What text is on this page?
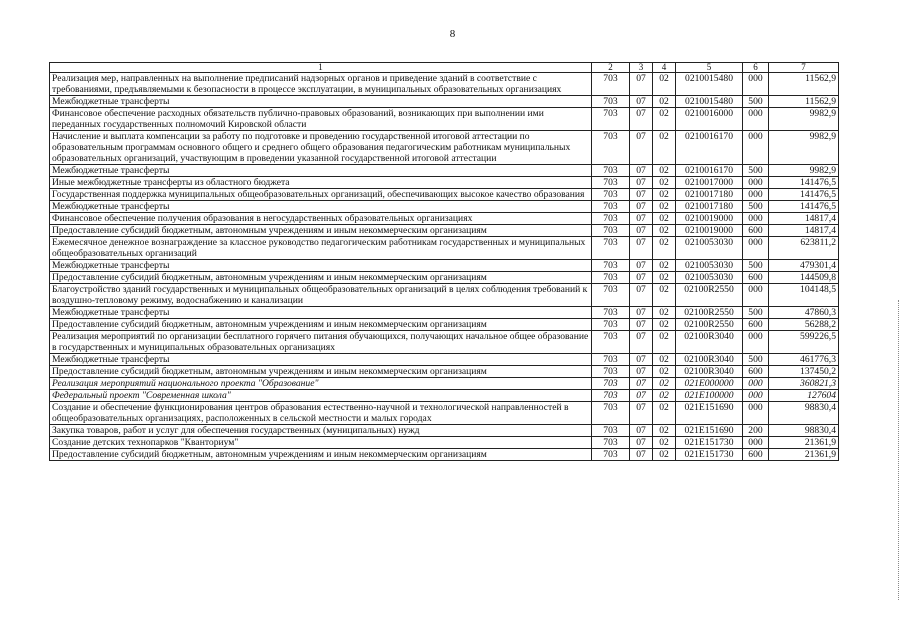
8
1	2	3	4	5	6	7
Реализация мер, направленных на выполнение предписаний надзорных органов и приведение зданий в соответствие с требованиями, предъявляемыми к безопасности в процессе эксплуатации, в муниципальных образовательных организациях	703	07	02	0210015480	000	11562,9
Межбюджетные трансферты	703	07	02	0210015480	500	11562,9
Финансовое обеспечение расходных обязательств публично-правовых образований, возникающих при выполнении ими переданных государственных полномочий Кировской области	703	07	02	0210016000	000	9982,9
Начисление и выплата компенсации за работу по подготовке и проведению государственной итоговой аттестации по образовательным программам основного общего и среднего общего образования педагогическим работникам муниципальных образовательных организаций, участвующим в проведении указанной государственной итоговой аттестации	703	07	02	0210016170	000	9982,9
Межбюджетные трансферты	703	07	02	0210016170	500	9982,9
Иные межбюджетные трансферты из областного бюджета	703	07	02	0210017000	000	141476,5
Государственная поддержка муниципальных общеобразовательных организаций, обеспечивающих высокое качество образования	703	07	02	0210017180	000	141476,5
Межбюджетные трансферты	703	07	02	0210017180	500	141476,5
Финансовое обеспечение получения образования в негосударственных образовательных организациях	703	07	02	0210019000	000	14817,4
Предоставление субсидий бюджетным, автономным учреждениям и иным некоммерческим организациям	703	07	02	0210019000	600	14817,4
Ежемесячное денежное вознаграждение за классное руководство педагогическим работникам государственных и муниципальных общеобразовательных организаций	703	07	02	0210053030	000	623811,2
Межбюджетные трансферты	703	07	02	0210053030	500	479301,4
Предоставление субсидий бюджетным, автономным учреждениям и иным некоммерческим организациям	703	07	02	0210053030	600	144509,8
Благоустройство зданий государственных и муниципальных общеобразовательных организаций в целях соблюдения требований к воздушно-тепловому режиму, водоснабжению и канализации	703	07	02	02100R2550	000	104148,5
Межбюджетные трансферты	703	07	02	02100R2550	500	47860,3
Предоставление субсидий бюджетным, автономным учреждениям и иным некоммерческим организациям	703	07	02	02100R2550	600	56288,2
Реализация мероприятий по организации бесплатного горячего питания обучающихся, получающих начальное общее образование в государственных и муниципальных образовательных организациях	703	07	02	02100R3040	000	599226,5
Межбюджетные трансферты	703	07	02	02100R3040	500	461776,3
Предоставление субсидий бюджетным, автономным учреждениям и иным некоммерческим организациям	703	07	02	02100R3040	600	137450,2
Реализация мероприятий национального проекта "Образование"	703	07	02	021E000000	000	360821,3
Федеральный проект "Современная школа"	703	07	02	021E100000	000	127604
Создание и обеспечение функционирования центров образования естественно-научной и технологической направленностей в общеобразовательных организациях, расположенных в сельской местности и малых городах	703	07	02	021E151690	000	98830,4
Закупка товаров, работ и услуг для обеспечения государственных (муниципальных) нужд	703	07	02	021E151690	200	98830,4
Создание детских технопарков "Кванториум"	703	07	02	021E151730	000	21361,9
Предоставление субсидий бюджетным, автономным учреждениям и иным некоммерческим организациям	703	07	02	021E151730	600	21361,9
